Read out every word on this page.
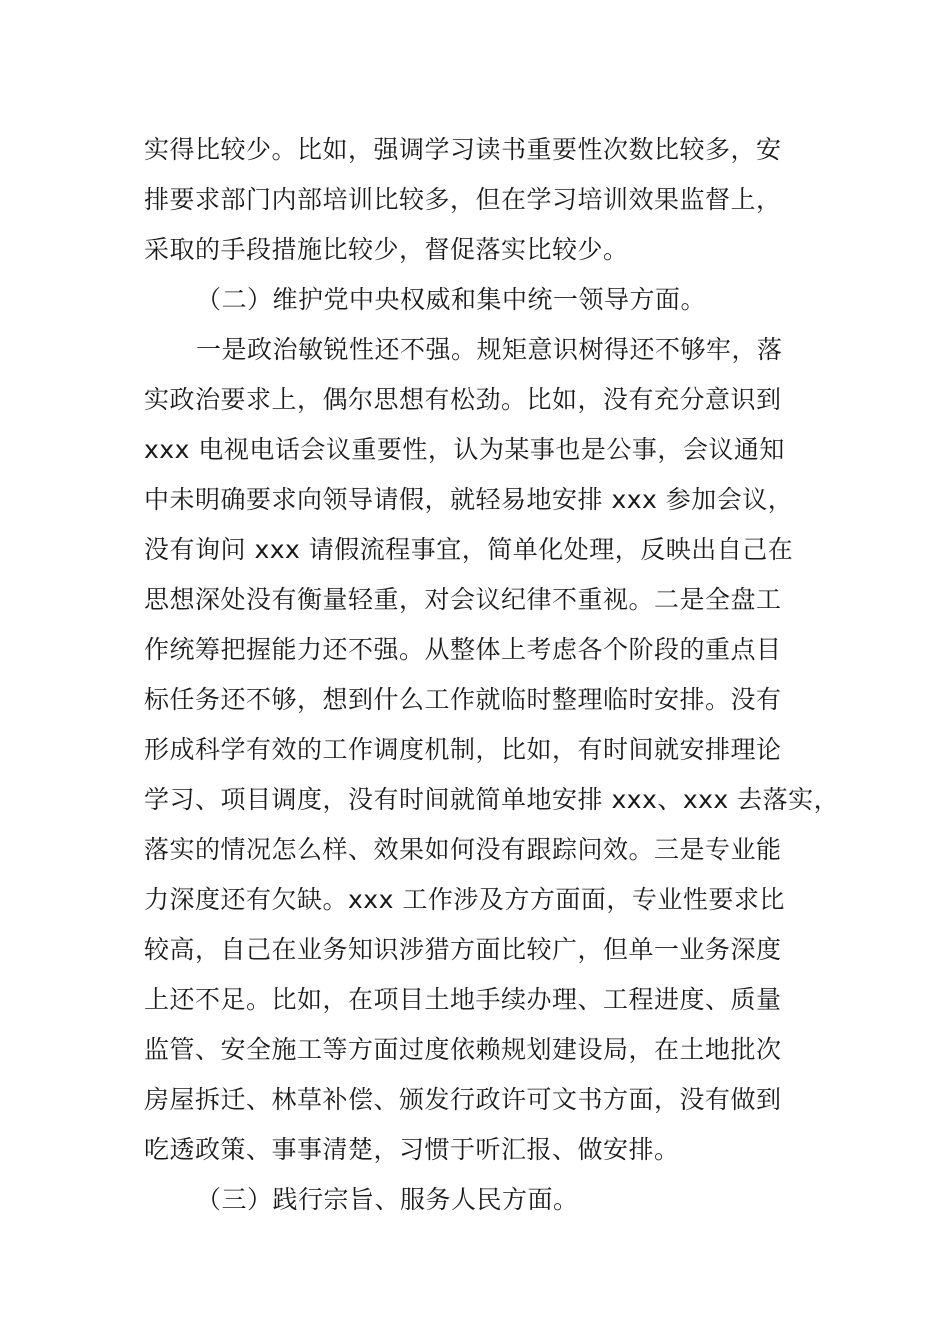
实得比较少。比如，强调学习读书重要性次数比较多，安
排要求部门内部培训比较多，但在学习培训效果监督上，
采取的手段措施比较少，督促落实比较少。
（二）维护党中央权威和集中统一领导方面。
一是政治敏锐性还不强。规矩意识树得还不够牢，落
实政治要求上，偶尔思想有松劲。比如，没有充分意识到
xxx 电视电话会议重要性，认为某事也是公事，会议通知
中未明确要求向领导请假，就轻易地安排 xxx 参加会议，
没有询问 xxx 请假流程事宜，简单化处理，反映出自己在
思想深处没有衡量轻重，对会议纪律不重视。二是全盘工
作统筹把握能力还不强。从整体上考虑各个阶段的重点目
标任务还不够，想到什么工作就临时整理临时安排。没有
形成科学有效的工作调度机制，比如，有时间就安排理论
学习、项目调度，没有时间就简单地安排 xxx、xxx 去落实，
落实的情况怎么样、效果如何没有跟踪问效。三是专业能
力深度还有欠缺。xxx 工作涉及方方面面，专业性要求比
较高，自己在业务知识涉猎方面比较广，但单一业务深度
上还不足。比如，在项目土地手续办理、工程进度、质量
监管、安全施工等方面过度依赖规划建设局，在土地批次
房屋拆迁、林草补偿、颁发行政许可文书方面，没有做到
吃透政策、事事清楚，习惯于听汇报、做安排。
（三）践行宗旨、服务人民方面。
